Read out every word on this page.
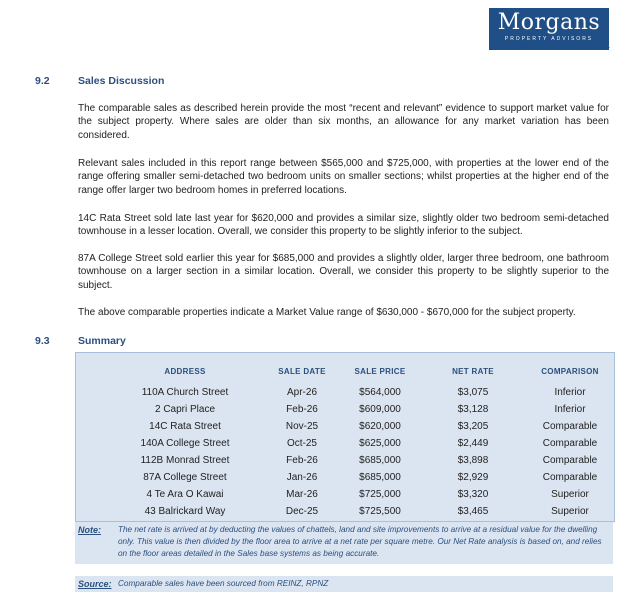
Morgans
PROPERTY ADVISORS
COMMERCIAL | RESIDENTIAL | RURAL
9.2	Sales Discussion

The comparable sales as described herein provide the most “recent and relevant” evidence to support market value for the subject property. Where sales are older than six months, an allowance for any market variation has been considered.

Relevant sales included in this report range between $565,000 and $725,000, with properties at the lower end of the range offering smaller semi-detached two bedroom units on smaller sections; whilst properties at the higher end of the range offer larger two bedroom homes in preferred locations.

14C Rata Street sold late last year for $620,000 and provides a similar size, slightly older two bedroom semi-detached townhouse in a lesser location. Overall, we consider this property to be slightly inferior to the subject.

87A College Street sold earlier this year for $685,000 and provides a slightly older, larger three bedroom, one bathroom townhouse on a larger section in a similar location. Overall, we consider this property to be slightly superior to the subject.

The above comparable properties indicate a Market Value range of $630,000 - $670,000 for the subject property.

9.3	Summary
ADDRESS	SALE DATE	SALE PRICE	NET RATE	COMPARISON
110A Church Street	Apr-26	$564,000	$3,075	Inferior
2 Capri Place	Feb-26	$609,000	$3,128	Inferior
14C Rata Street	Nov-25	$620,000	$3,205	Comparable
140A College Street	Oct-25	$625,000	$2,449	Comparable
112B Monrad Street	Feb-26	$685,000	$3,898	Comparable
87A College Street	Jan-26	$685,000	$2,929	Comparable
4 Te Ara O Kawai	Mar-26	$725,000	$3,320	Superior
43 Balrickard Way	Dec-25	$725,500	$3,465	Superior
Note: The net rate is arrived at by deducting the values of chattels, land and site improvements to arrive at a residual value for the dwelling only. This value is then divided by the floor area to arrive at a net rate per square metre. Our Net Rate analysis is based on, and relies on the floor areas detailed in the Sales base systems as being accurate.

Source: Comparable sales have been sourced from REINZ, RPNZ
